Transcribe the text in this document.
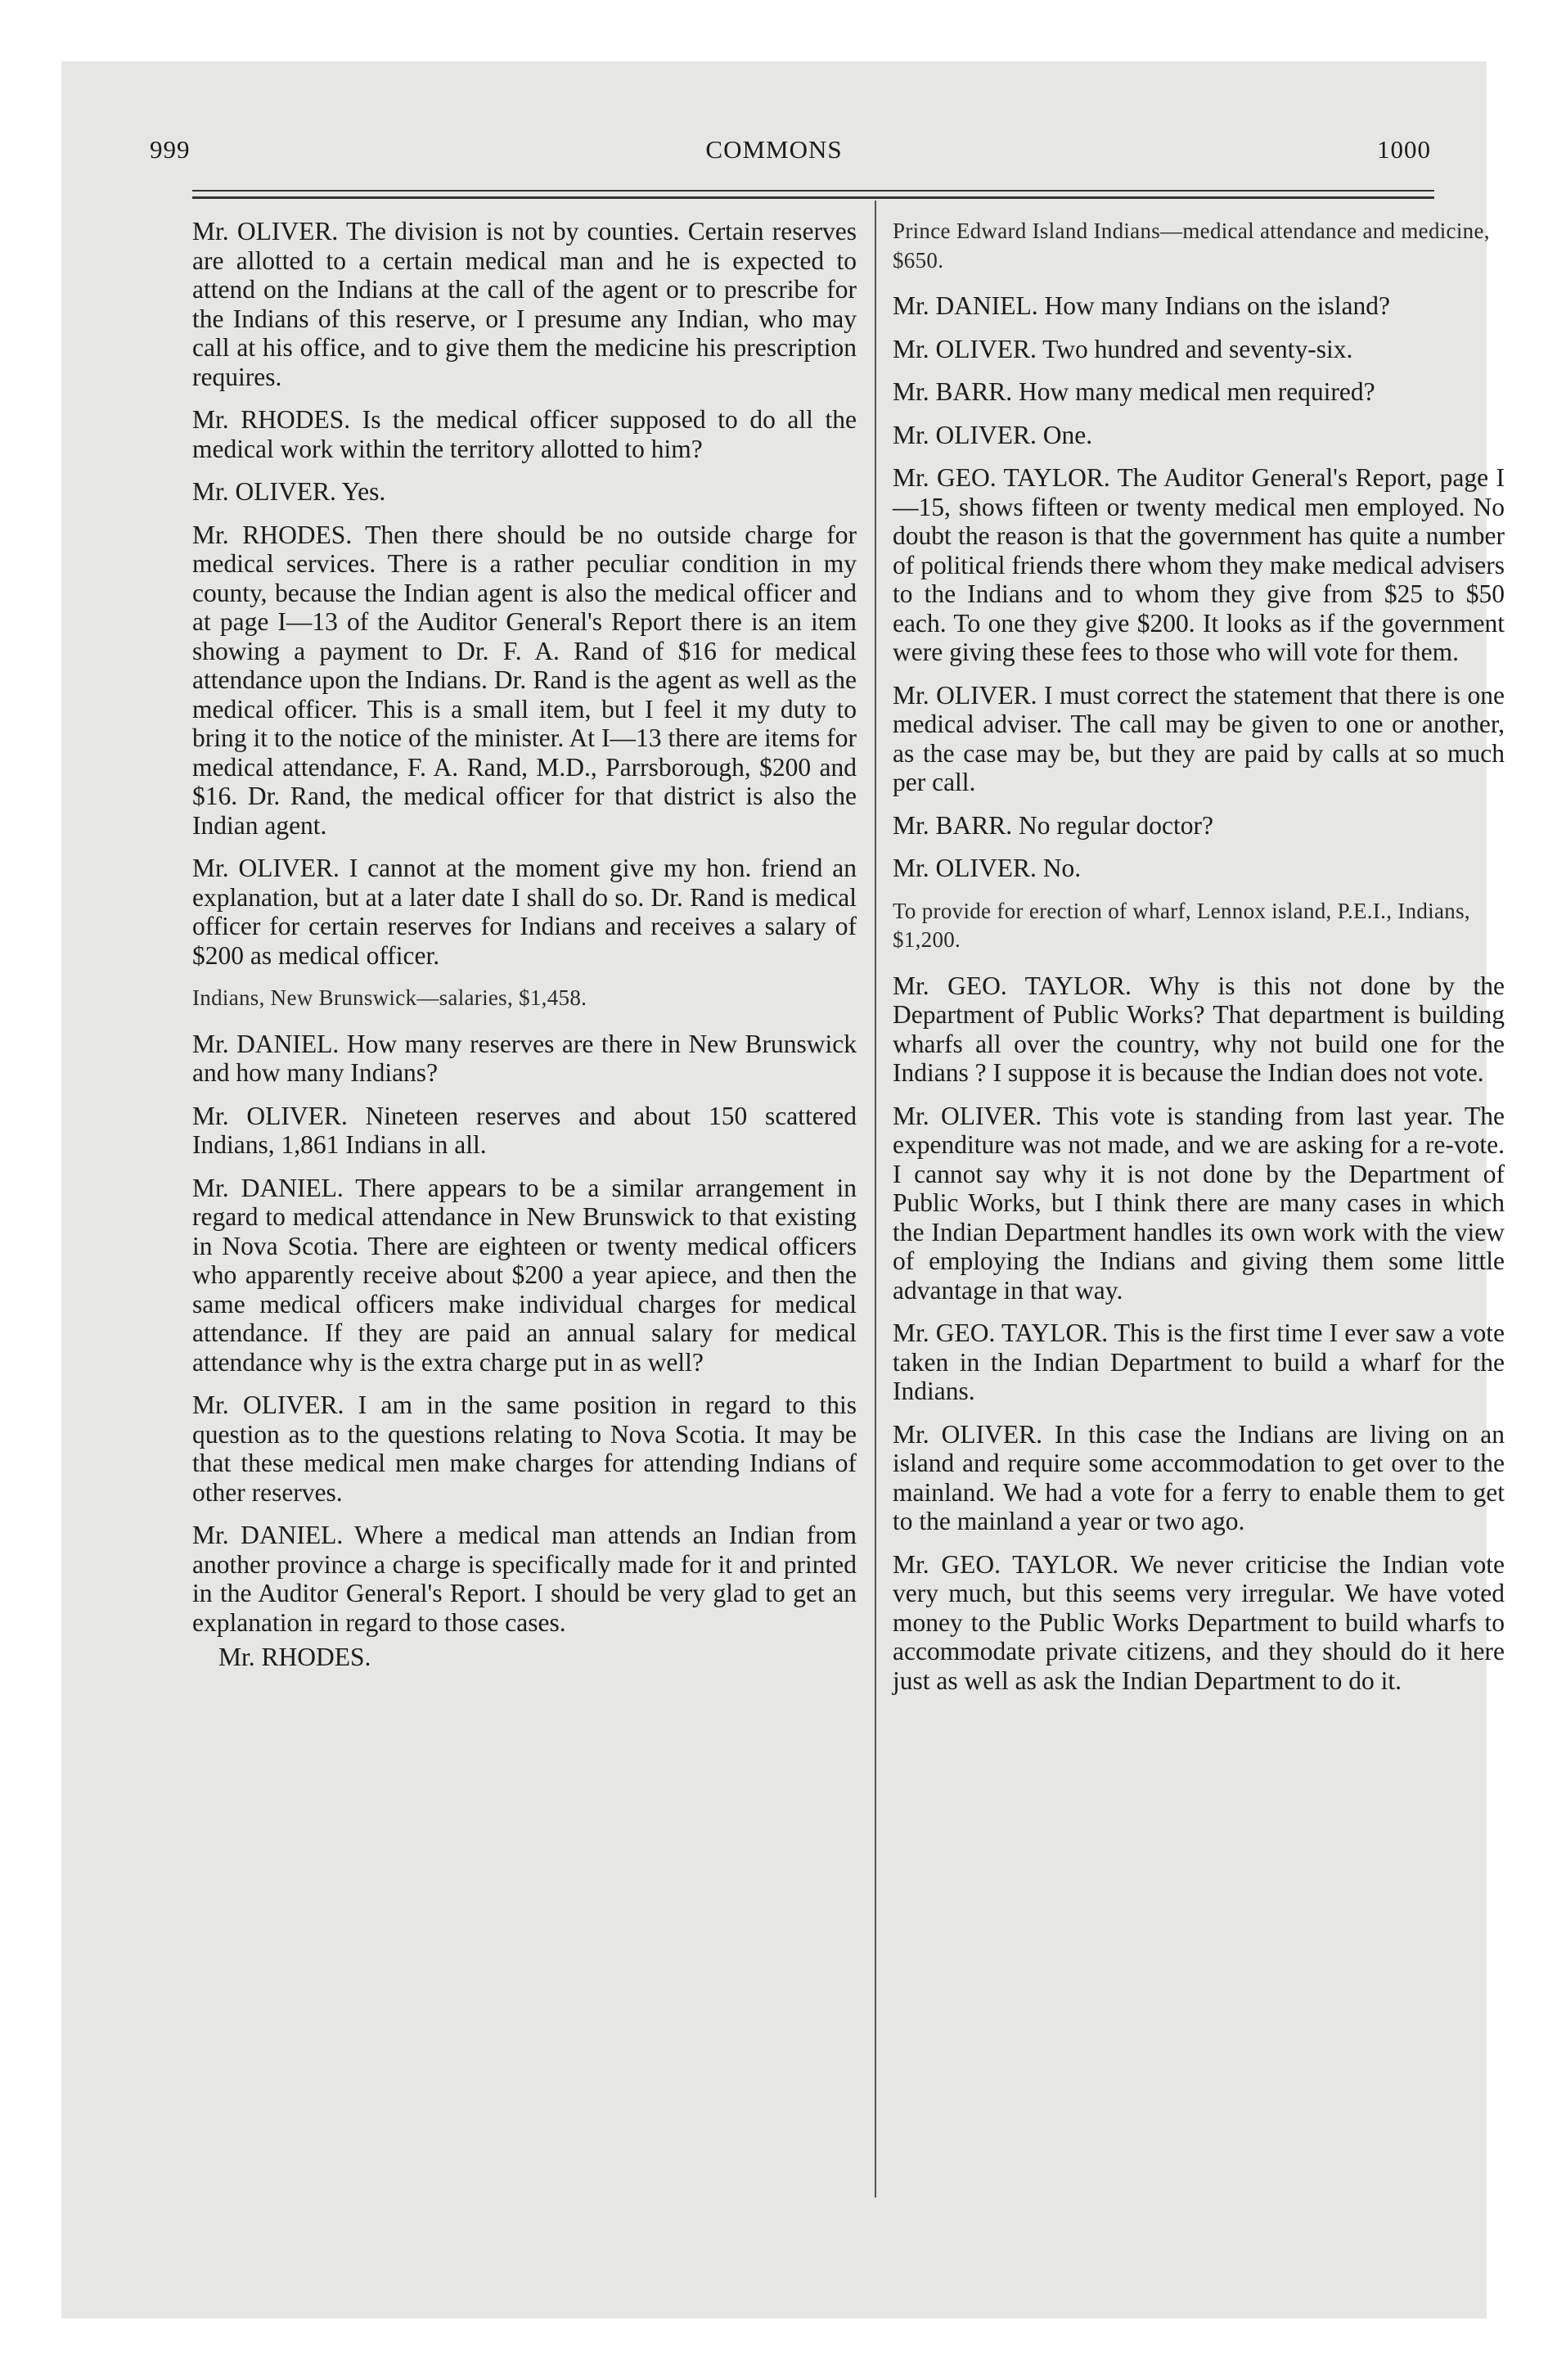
999	COMMONS	1000

Mr. OLIVER. The division is not by counties. Certain reserves are allotted to a certain medical man and he is expected to attend on the Indians at the call of the agent or to prescribe for the Indians of this reserve, or I presume any Indian, who may call at his office, and to give them the medicine his prescription requires.

Mr. RHODES. Is the medical officer supposed to do all the medical work within the territory allotted to him?

Mr. OLIVER. Yes.

Mr. RHODES. Then there should be no outside charge for medical services. There is a rather peculiar condition in my county, because the Indian agent is also the medical officer and at page I—13 of the Auditor General's Report there is an item showing a payment to Dr. F. A. Rand of $16 for medical attendance upon the Indians. Dr. Rand is the agent as well as the medical officer. This is a small item, but I feel it my duty to bring it to the notice of the minister. At I—13 there are items for medical attendance, F. A. Rand, M.D., Parrsborough, $200 and $16. Dr. Rand, the medical officer for that district is also the Indian agent.

Mr. OLIVER. I cannot at the moment give my hon. friend an explanation, but at a later date I shall do so. Dr. Rand is medical officer for certain reserves for Indians and receives a salary of $200 as medical officer.

Indians, New Brunswick—salaries, $1,458.

Mr. DANIEL. How many reserves are there in New Brunswick and how many Indians?

Mr. OLIVER. Nineteen reserves and about 150 scattered Indians, 1,861 Indians in all.

Mr. DANIEL. There appears to be a similar arrangement in regard to medical attendance in New Brunswick to that existing in Nova Scotia. There are eighteen or twenty medical officers who apparently receive about $200 a year apiece, and then the same medical officers make individual charges for medical attendance. If they are paid an annual salary for medical attendance why is the extra charge put in as well?

Mr. OLIVER. I am in the same position in regard to this question as to the questions relating to Nova Scotia. It may be that these medical men make charges for attending Indians of other reserves.

Mr. DANIEL. Where a medical man attends an Indian from another province a charge is specifically made for it and printed in the Auditor General's Report. I should be very glad to get an explanation in regard to those cases.

Mr. RHODES.

Prince Edward Island Indians—medical attendance and medicine, $650.

Mr. DANIEL. How many Indians on the island?

Mr. OLIVER. Two hundred and seventy-six.

Mr. BARR. How many medical men required?

Mr. OLIVER. One.

Mr. GEO. TAYLOR. The Auditor General's Report, page I—15, shows fifteen or twenty medical men employed. No doubt the reason is that the government has quite a number of political friends there whom they make medical advisers to the Indians and to whom they give from $25 to $50 each. To one they give $200. It looks as if the government were giving these fees to those who will vote for them.

Mr. OLIVER. I must correct the statement that there is one medical adviser. The call may be given to one or another, as the case may be, but they are paid by calls at so much per call.

Mr. BARR. No regular doctor?

Mr. OLIVER. No.

To provide for erection of wharf, Lennox island, P.E.I., Indians, $1,200.

Mr. GEO. TAYLOR. Why is this not done by the Department of Public Works? That department is building wharfs all over the country, why not build one for the Indians ? I suppose it is because the Indian does not vote.

Mr. OLIVER. This vote is standing from last year. The expenditure was not made, and we are asking for a re-vote. I cannot say why it is not done by the Department of Public Works, but I think there are many cases in which the Indian Department handles its own work with the view of employing the Indians and giving them some little advantage in that way.

Mr. GEO. TAYLOR. This is the first time I ever saw a vote taken in the Indian Department to build a wharf for the Indians.

Mr. OLIVER. In this case the Indians are living on an island and require some accommodation to get over to the mainland. We had a vote for a ferry to enable them to get to the mainland a year or two ago.

Mr. GEO. TAYLOR. We never criticise the Indian vote very much, but this seems very irregular. We have voted money to the Public Works Department to build wharfs to accommodate private citizens, and they should do it here just as well as ask the Indian Department to do it.
